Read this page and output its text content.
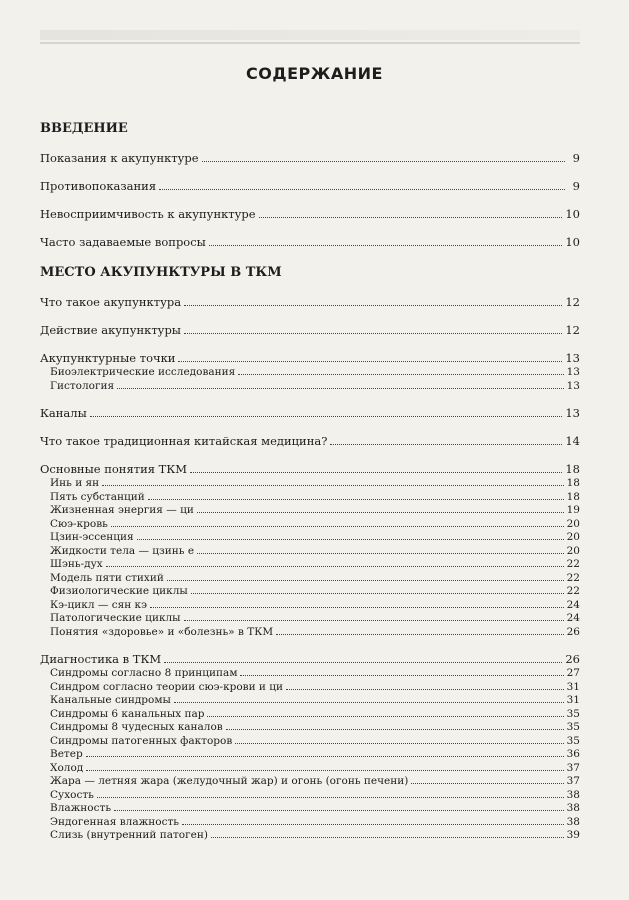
СОДЕРЖАНИЕ
ВВЕДЕНИЕ
Показания к акупунктуре	9
Противопоказания	9
Невосприимчивость к акупунктуре	10
Часто задаваемые вопросы	10
МЕСТО АКУПУНКТУРЫ В ТКМ
Что такое акупунктура	12
Действие акупунктуры	12
Акупунктурные точки	13
Биоэлектрические исследования	13
Гистология	13
Каналы	13
Что такое традиционная китайская медицина?	14
Основные понятия ТКМ	18
Инь и ян	18
Пять субстанций	18
Жизненная энергия — ци	19
Сюэ-кровь	20
Цзин-эссенция	20
Жидкости тела — цзинь е	20
Шэнь-дух	22
Модель пяти стихий	22
Физиологические циклы	22
Кэ-цикл — сян кэ	24
Патологические циклы	24
Понятия «здоровье» и «болезнь» в ТКМ	26
Диагностика в ТКМ	26
Синдромы согласно 8 принципам	27
Синдром согласно теории сюэ-крови и ци	31
Канальные синдромы	31
Синдромы 6 канальных пар	35
Синдромы 8 чудесных каналов	35
Синдромы патогенных факторов	35
Ветер	36
Холод	37
Жара — летняя жара (желудочный жар) и огонь (огонь печени)	37
Сухость	38
Влажность	38
Эндогенная влажность	38
Слизь (внутренний патоген)	39
